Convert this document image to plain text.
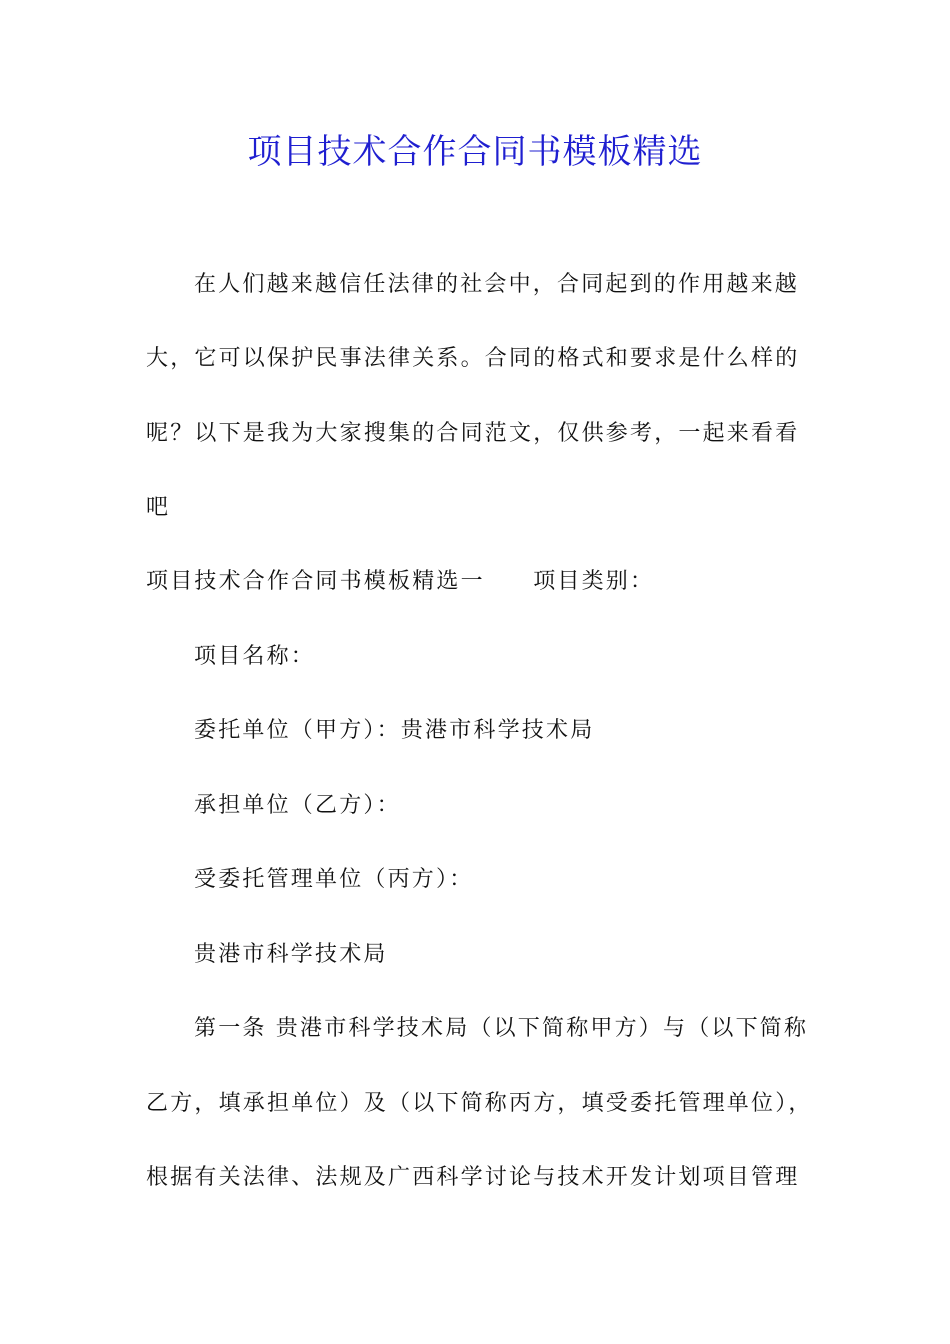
项目技术合作合同书模板精选
在人们越来越信任法律的社会中，合同起到的作用越来越
大，它可以保护民事法律关系。合同的格式和要求是什么样的
呢？以下是我为大家搜集的合同范文，仅供参考，一起来看看
吧
项目技术合作合同书模板精选一　　项目类别：
项目名称：
委托单位（甲方）：贵港市科学技术局
承担单位（乙方）：
受委托管理单位（丙方）：
贵港市科学技术局
第一条 贵港市科学技术局（以下简称甲方）与（以下简称
乙方，填承担单位）及（以下简称丙方，填受委托管理单位），
根据有关法律、法规及广西科学讨论与技术开发计划项目管理
